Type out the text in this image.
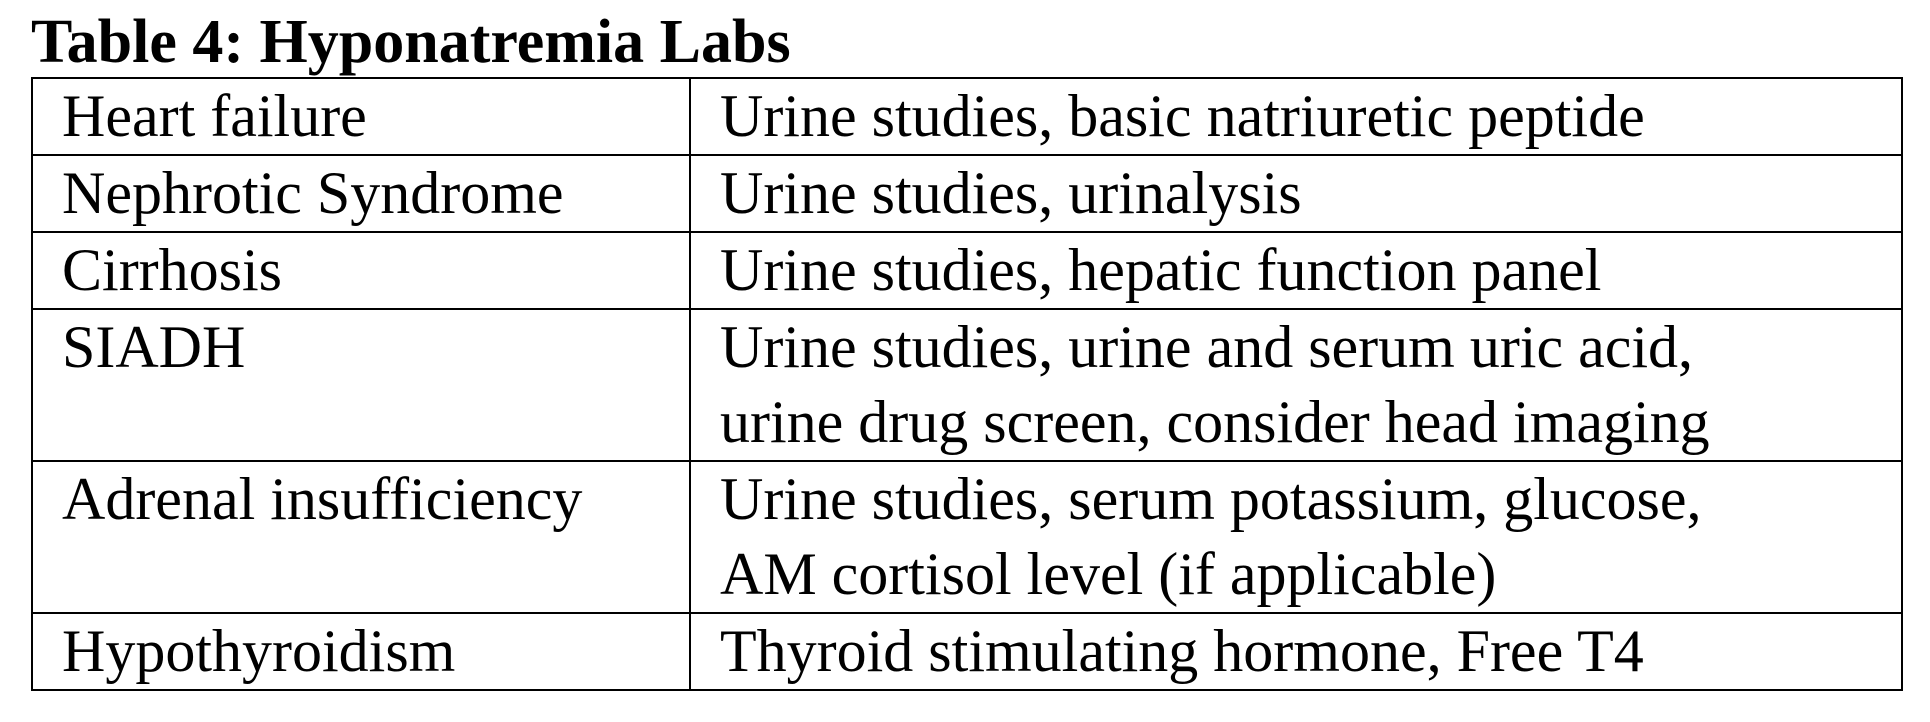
Table 4: Hyponatremia Labs
Heart failure	Urine studies, basic natriuretic peptide

Nephrotic Syndrome	Urine studies, urinalysis

Cirrhosis	Urine studies, hepatic function panel

SIADH	Urine studies, urine and serum uric acid,
urine drug screen, consider head imaging

Adrenal insufficiency	Urine studies, serum potassium, glucose,
AM cortisol level (if applicable)

Hypothyroidism	Thyroid stimulating hormone, Free T4
